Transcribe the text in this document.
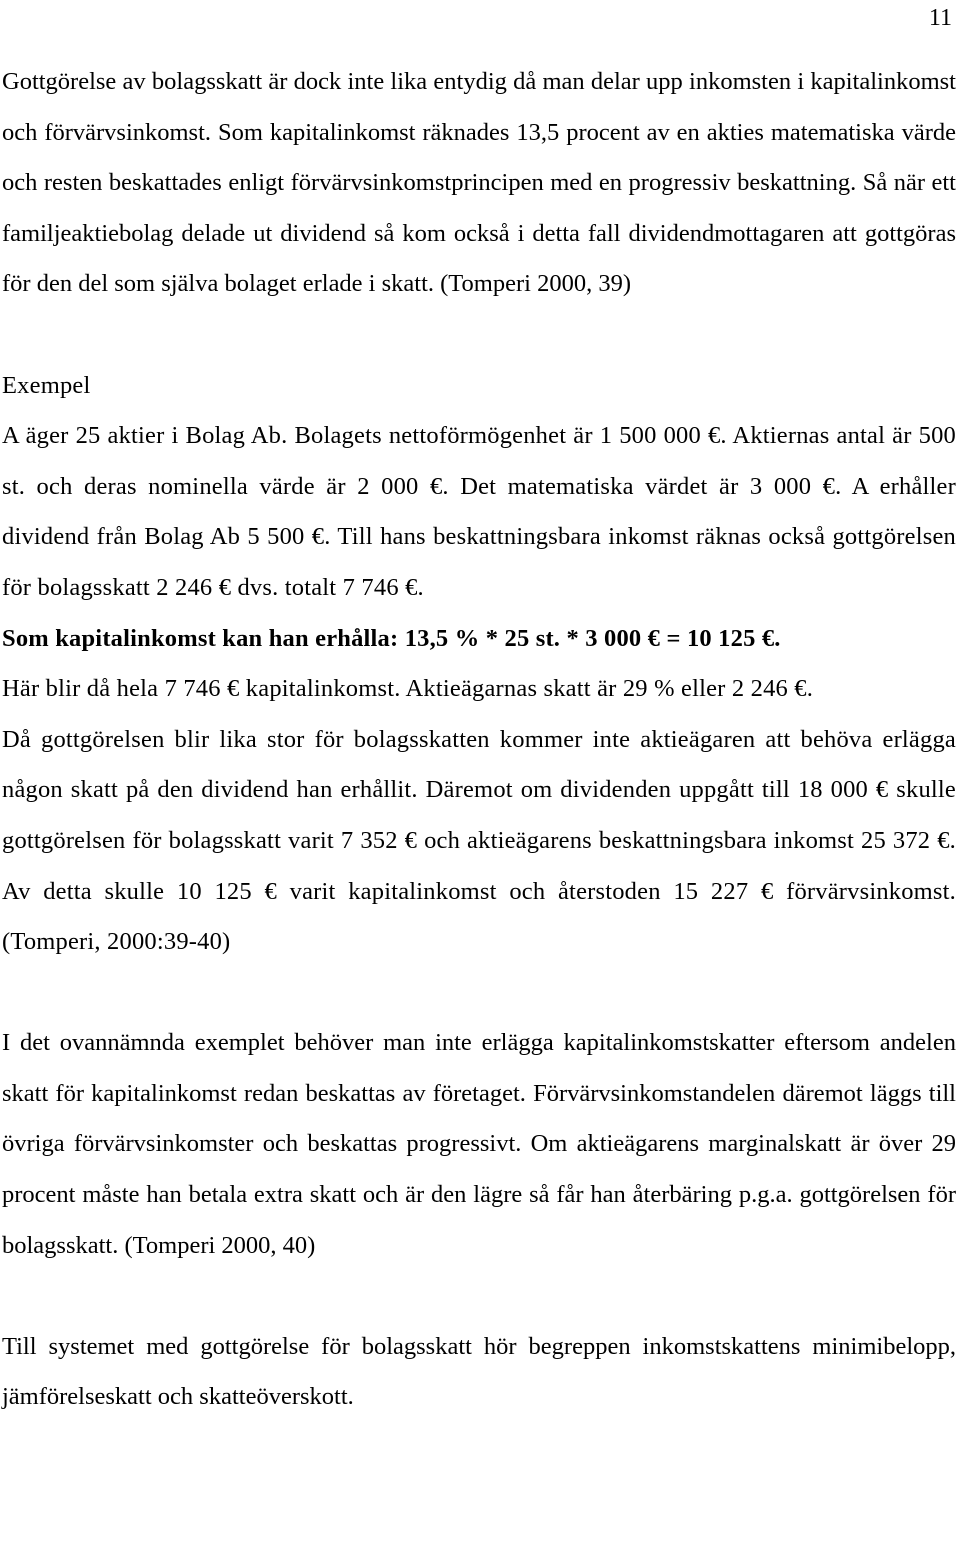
11

Gottgörelse av bolagsskatt är dock inte lika entydig då man delar upp inkomsten i kapitalinkomst och förvärvsinkomst. Som kapitalinkomst räknades 13,5 procent av en akties matematiska värde och resten beskattades enligt förvärvsinkomstprincipen med en progressiv beskattning. Så när ett familjeaktiebolag delade ut dividend så kom också i detta fall dividendmottagaren att gottgöras för den del som själva bolaget erlade i skatt. (Tomperi 2000, 39)

Exempel

A äger 25 aktier i Bolag Ab. Bolagets nettoförmögenhet är 1 500 000 €. Aktiernas antal är 500 st. och deras nominella värde är 2 000 €. Det matematiska värdet är 3 000 €. A erhåller dividend från Bolag Ab 5 500 €. Till hans beskattningsbara inkomst räknas också gottgörelsen för bolagsskatt 2 246 € dvs. totalt 7 746 €.

Som kapitalinkomst kan han erhålla: 13,5 % * 25 st. * 3 000 € = 10 125 €.

Här blir då hela 7 746 € kapitalinkomst. Aktieägarnas skatt är 29 % eller 2 246 €.

Då gottgörelsen blir lika stor för bolagsskatten kommer inte aktieägaren att behöva erlägga någon skatt på den dividend han erhållit. Däremot om dividenden uppgått till 18 000 € skulle gottgörelsen för bolagsskatt varit 7 352 € och aktieägarens beskattningsbara inkomst 25 372 €. Av detta skulle 10 125 € varit kapitalinkomst och återstoden 15 227 € förvärvsinkomst. (Tomperi, 2000:39-40)

I det ovannämnda exemplet behöver man inte erlägga kapitalinkomstskatter eftersom andelen skatt för kapitalinkomst redan beskattas av företaget. Förvärvsinkomstandelen däremot läggs till övriga förvärvsinkomster och beskattas progressivt. Om aktieägarens marginalskatt är över 29 procent måste han betala extra skatt och är den lägre så får han återbäring p.g.a. gottgörelsen för bolagsskatt. (Tomperi 2000, 40)

Till systemet med gottgörelse för bolagsskatt hör begreppen inkomstskattens minimibelopp, jämförelseskatt och skatteöverskott.
